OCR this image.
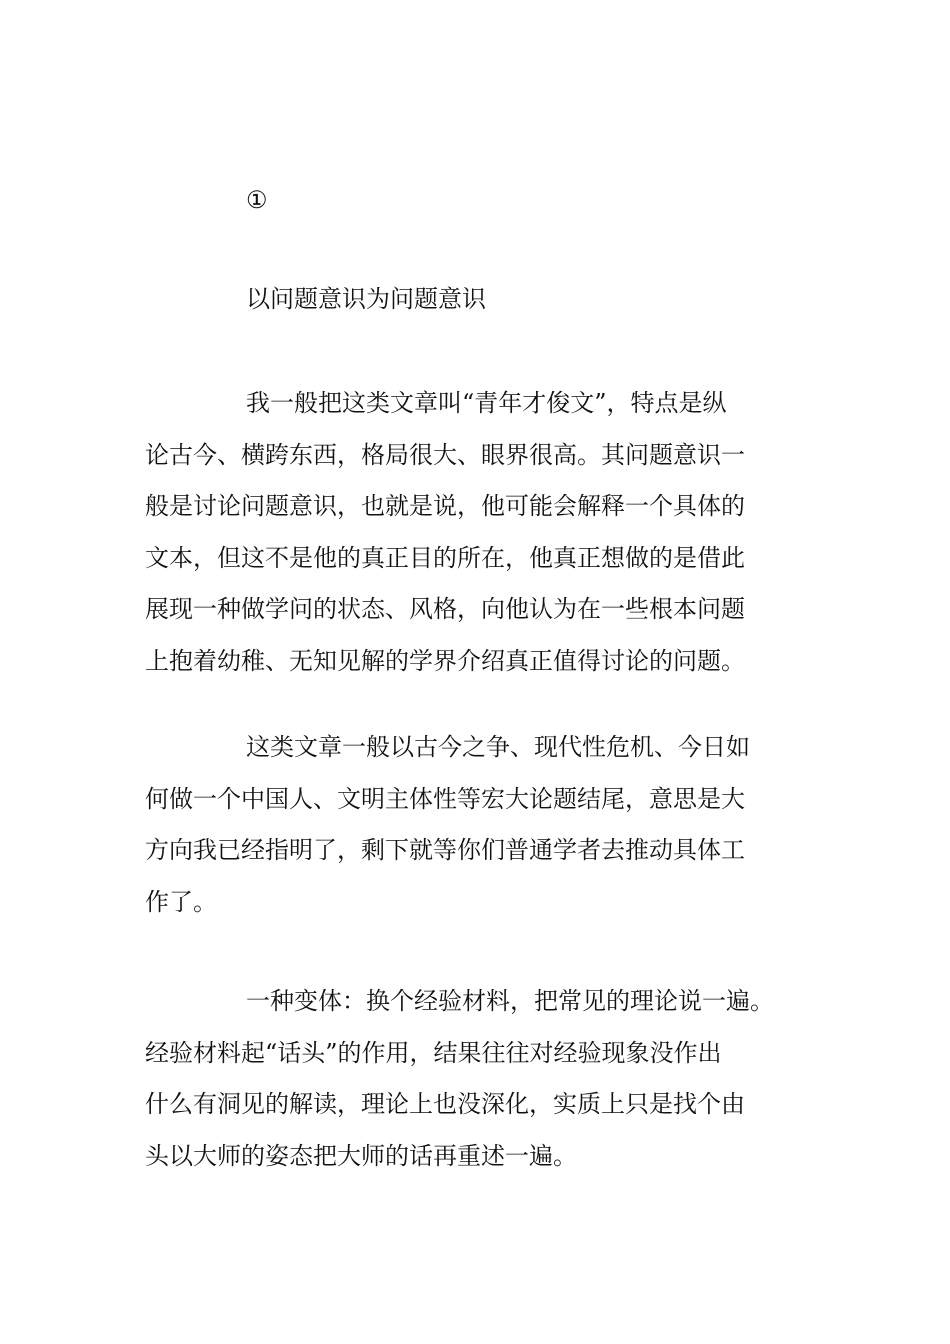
①
以问题意识为问题意识
我一般把这类文章叫“青年才俊文”，特点是纵
论古今、横跨东西，格局很大、眼界很高。其问题意识一
般是讨论问题意识，也就是说，他可能会解释一个具体的
文本，但这不是他的真正目的所在，他真正想做的是借此
展现一种做学问的状态、风格，向他认为在一些根本问题
上抱着幼稚、无知见解的学界介绍真正值得讨论的问题。
这类文章一般以古今之争、现代性危机、今日如
何做一个中国人、文明主体性等宏大论题结尾，意思是大
方向我已经指明了，剩下就等你们普通学者去推动具体工
作了。
一种变体：换个经验材料，把常见的理论说一遍。
经验材料起“话头”的作用，结果往往对经验现象没作出
什么有洞见的解读，理论上也没深化，实质上只是找个由
头以大师的姿态把大师的话再重述一遍。
